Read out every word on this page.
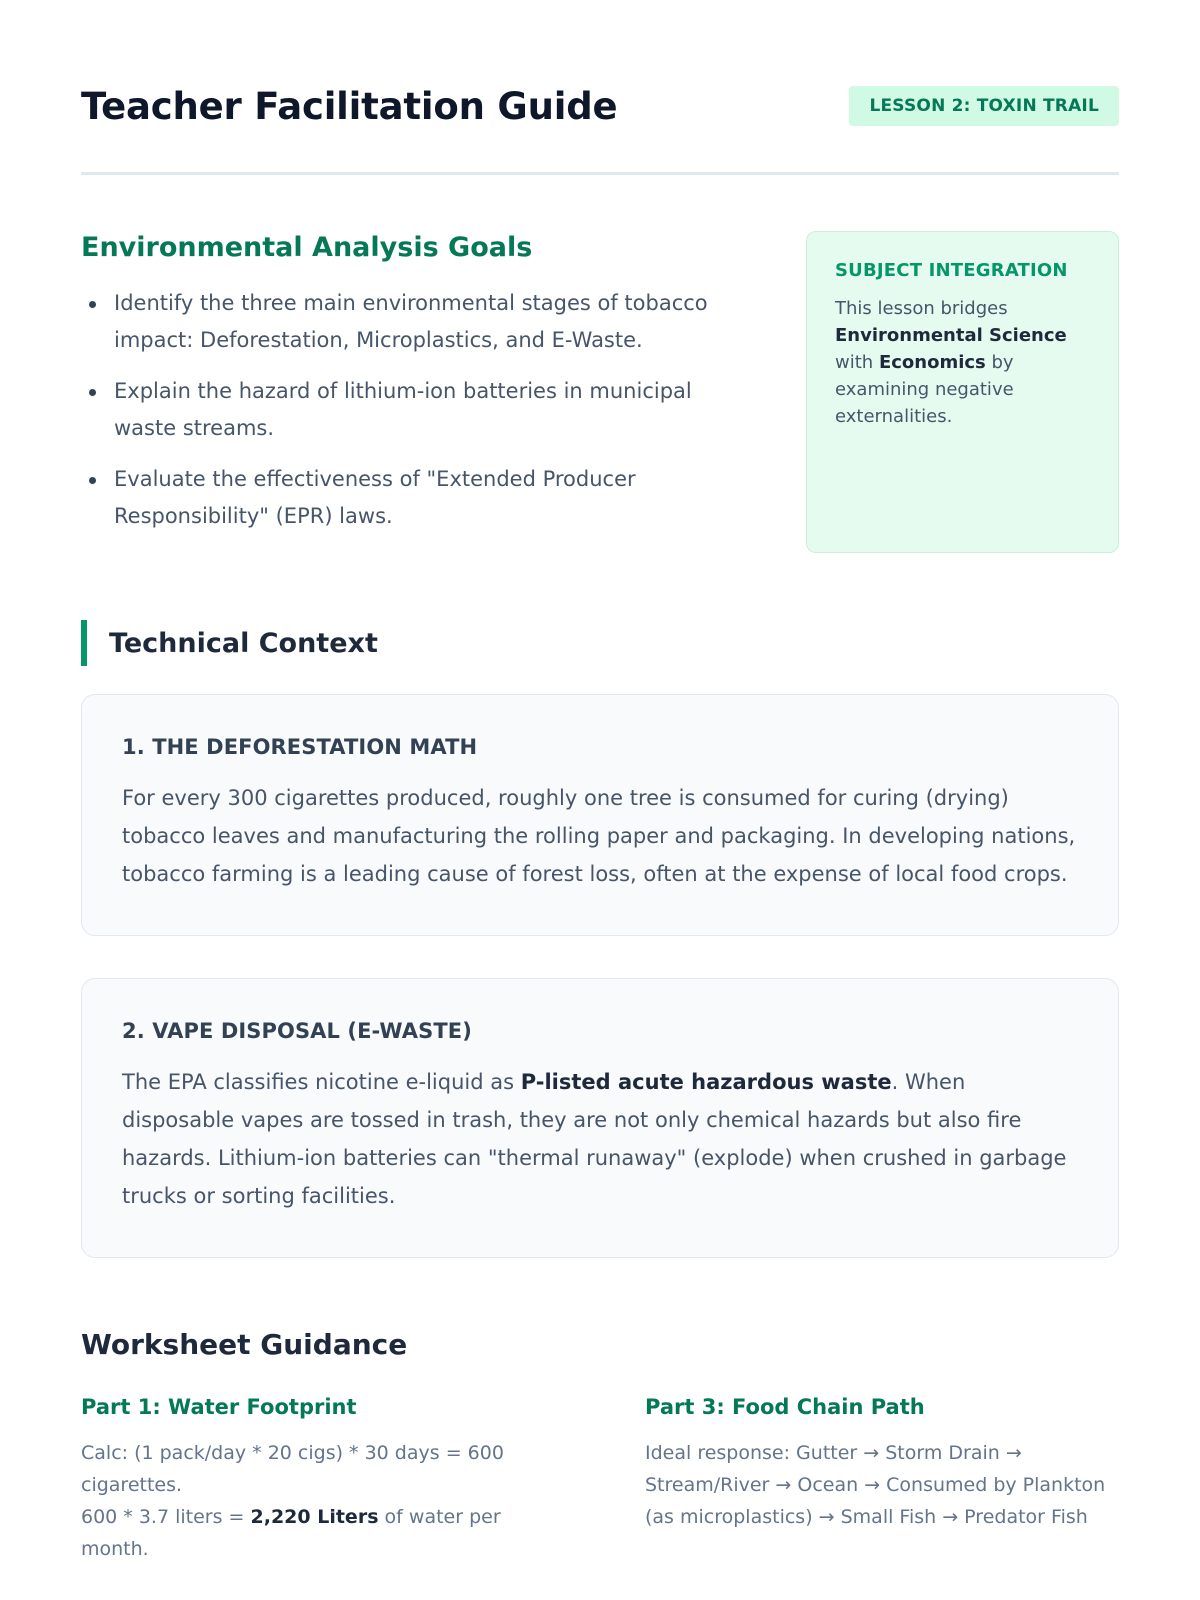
Teacher Facilitation Guide	LESSON 2: TOXIN TRAIL
Environmental Analysis Goals
Identify the three main environmental stages of tobacco impact: Deforestation, Microplastics, and E-Waste.
Explain the hazard of lithium-ion batteries in municipal waste streams.
Evaluate the effectiveness of "Extended Producer Responsibility" (EPR) laws.
SUBJECT INTEGRATION

This lesson bridges Environmental Science with Economics by examining negative externalities.

Technical Context
1. THE DEFORESTATION MATH

For every 300 cigarettes produced, roughly one tree is consumed for curing (drying) tobacco leaves and manufacturing the rolling paper and packaging. In developing nations, tobacco farming is a leading cause of forest loss, often at the expense of local food crops.

2. VAPE DISPOSAL (E-WASTE)

The EPA classifies nicotine e-liquid as P-listed acute hazardous waste. When disposable vapes are tossed in trash, they are not only chemical hazards but also fire hazards. Lithium-ion batteries can "thermal runaway" (explode) when crushed in garbage trucks or sorting facilities.

Worksheet Guidance
Part 1: Water Footprint

Calc: (1 pack/day * 20 cigs) * 30 days = 600 cigarettes.
600 * 3.7 liters = 2,220 Liters of water per month.

Part 3: Food Chain Path

Ideal response: Gutter → Storm Drain → Stream/River → Ocean → Consumed by Plankton (as microplastics) → Small Fish → Predator Fish
